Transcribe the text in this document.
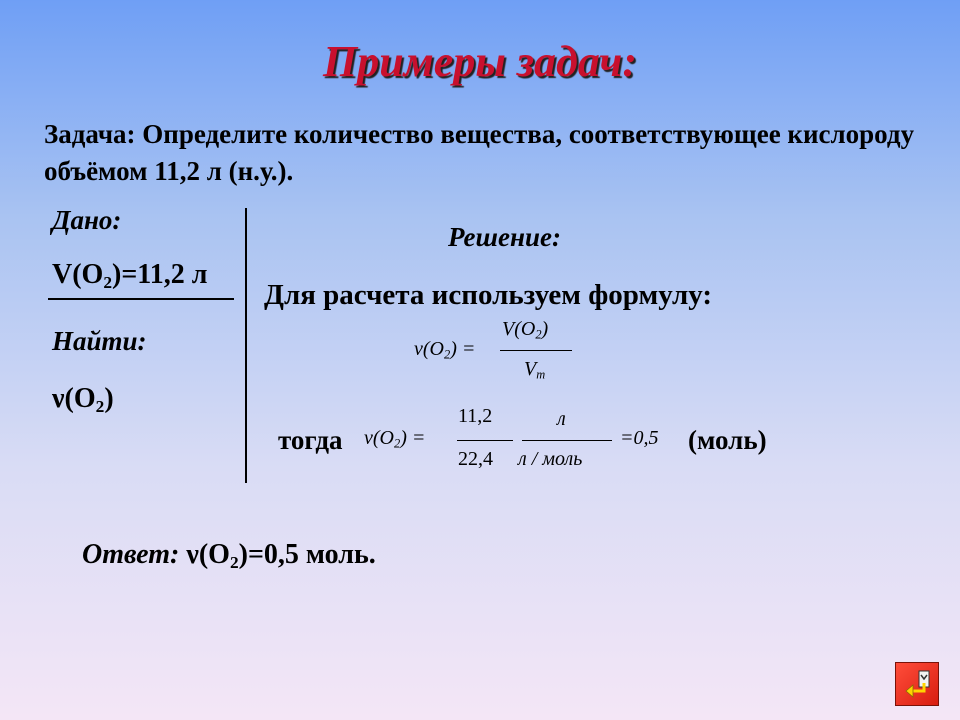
Примеры задач:
Задача: Определите количество вещества, соответствующее кислороду объёмом 11,2 л (н.у.).
Дано:
$V(O_2)=11,2$ л
Найти:
$\nu(O_2)$
Решение:
Для расчета используем формулу:
$\nu(O_2)$ =
$V(O_2)$
$V_m$
тогда $\nu(O_2)$ =
11,2
22,4
л
л / моль
=0,5 (моль)
Ответ: $\nu(O_2)=0,5$ моль.
